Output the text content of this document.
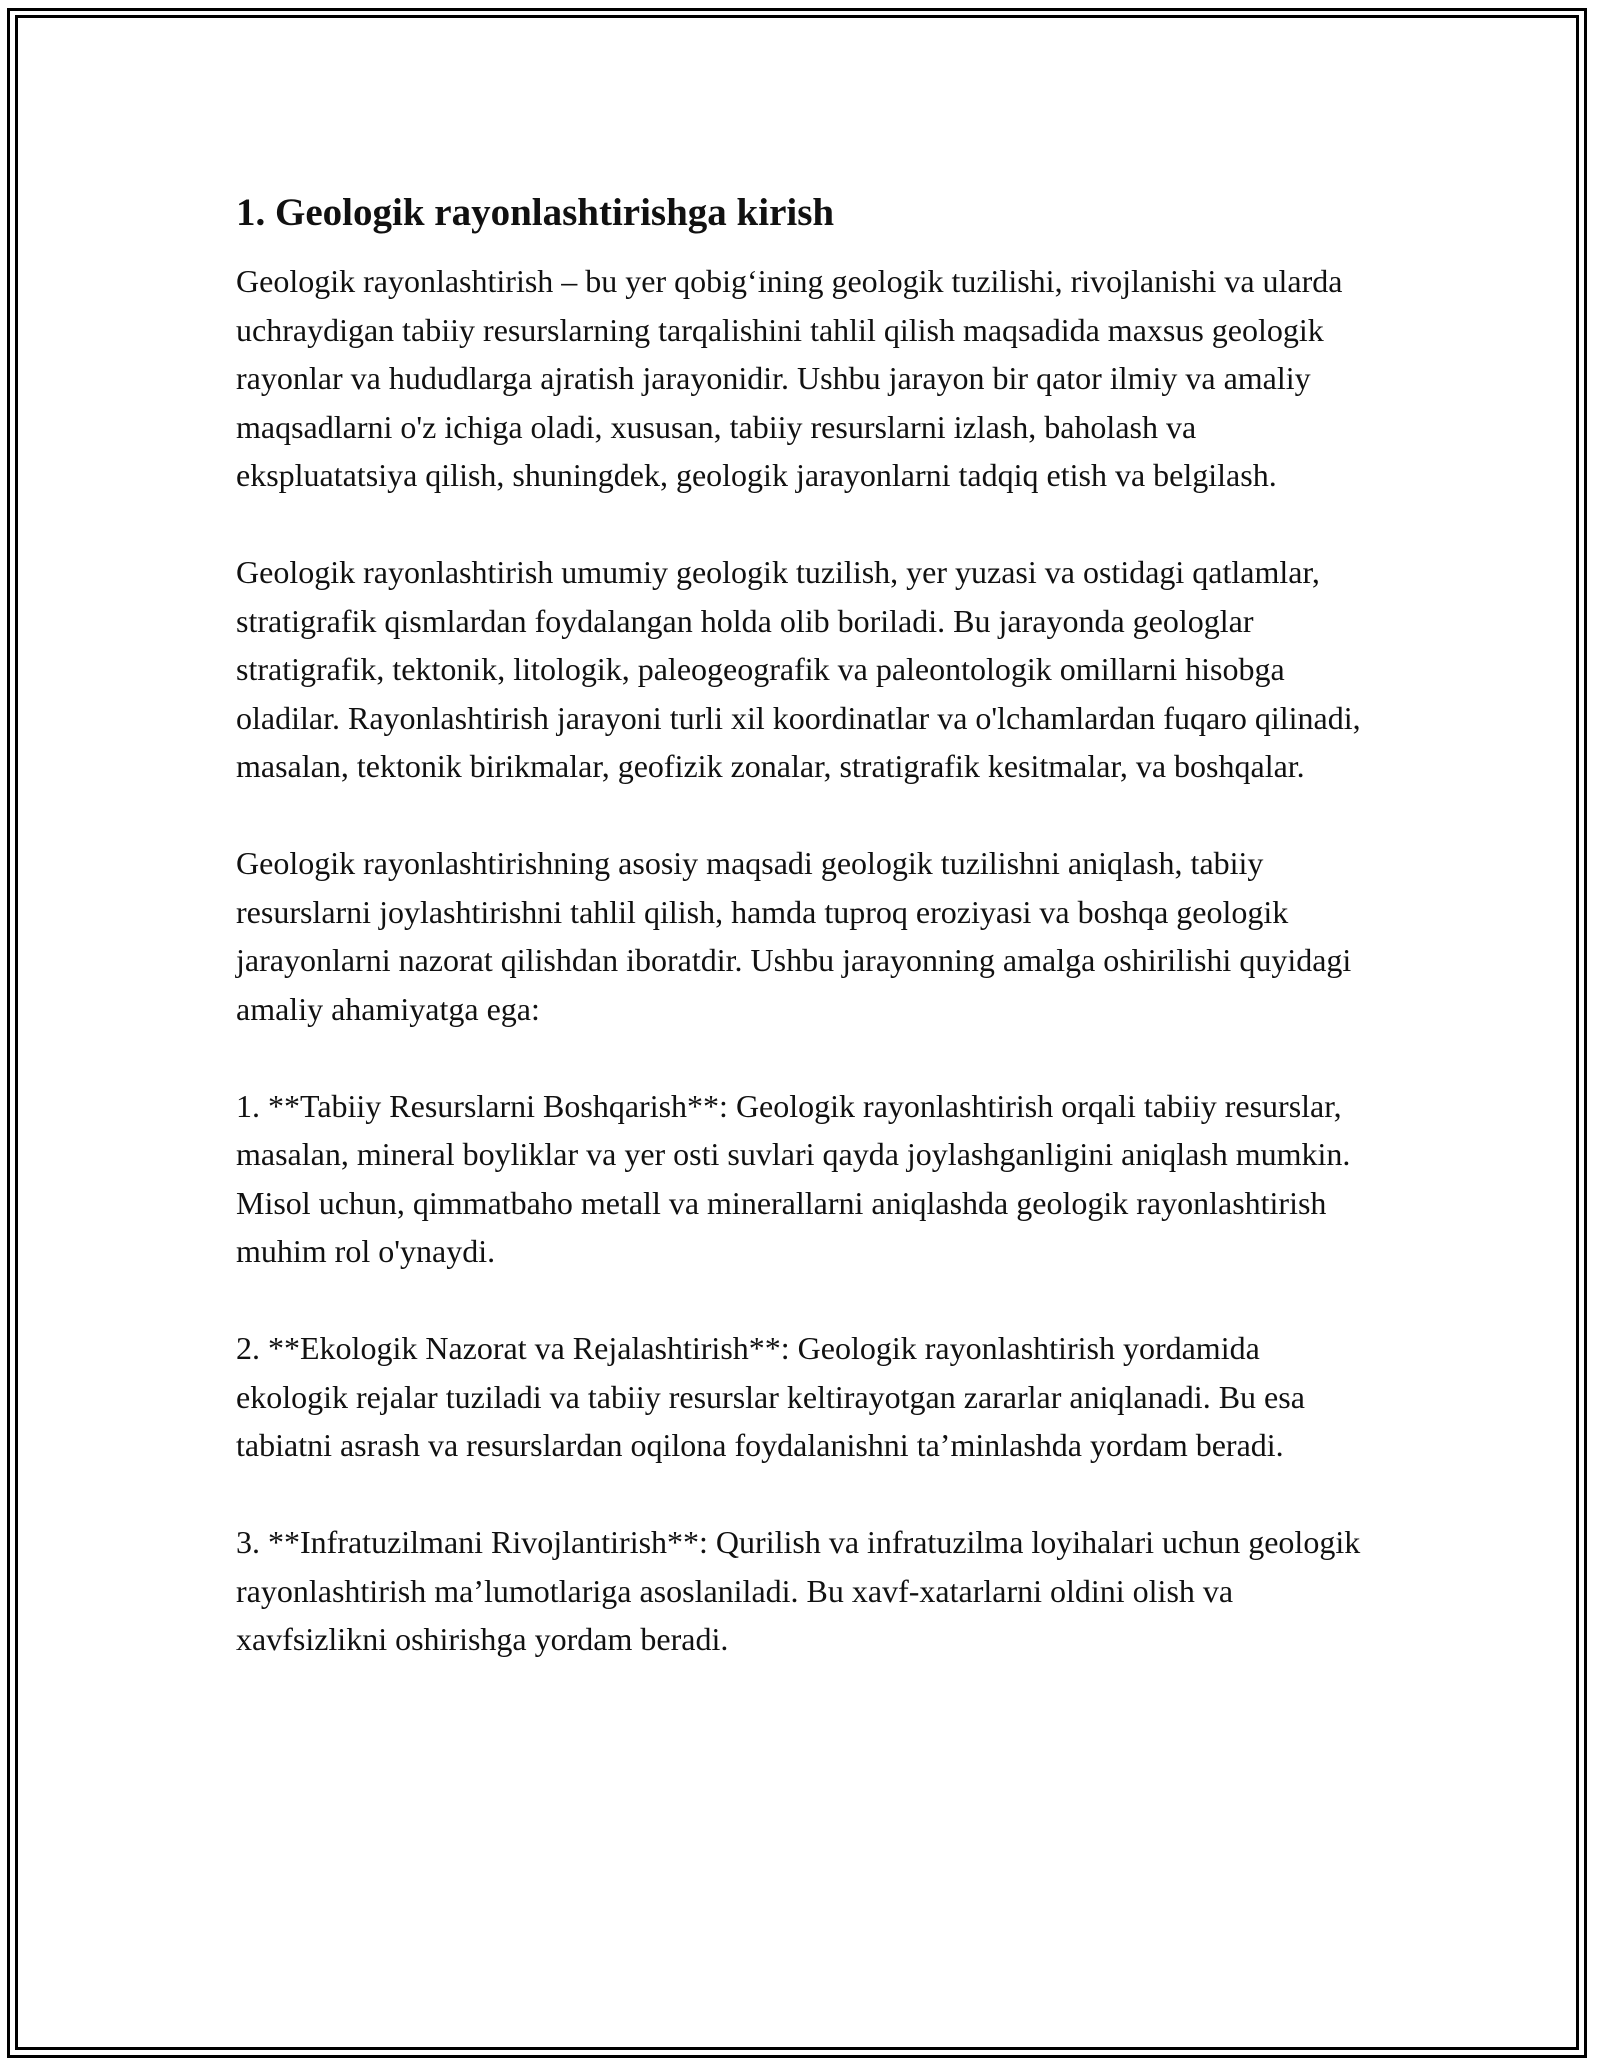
1. Geologik rayonlashtirishga kirish

Geologik rayonlashtirish – bu yer qobig‘ining geologik tuzilishi, rivojlanishi va ularda uchraydigan tabiiy resurslarning tarqalishini tahlil qilish maqsadida maxsus geologik rayonlar va hududlarga ajratish jarayonidir. Ushbu jarayon bir qator ilmiy va amaliy maqsadlarni o'z ichiga oladi, xususan, tabiiy resurslarni izlash, baholash va ekspluatatsiya qilish, shuningdek, geologik jarayonlarni tadqiq etish va belgilash.

Geologik rayonlashtirish umumiy geologik tuzilish, yer yuzasi va ostidagi qatlamlar, stratigrafik qismlardan foydalangan holda olib boriladi. Bu jarayonda geologlar stratigrafik, tektonik, litologik, paleogeografik va paleontologik omillarni hisobga oladilar. Rayonlashtirish jarayoni turli xil koordinatlar va o'lchamlardan fuqaro qilinadi, masalan, tektonik birikmalar, geofizik zonalar, stratigrafik kesitmalar, va boshqalar.

Geologik rayonlashtirishning asosiy maqsadi geologik tuzilishni aniqlash, tabiiy resurslarni joylashtirishni tahlil qilish, hamda tuproq eroziyasi va boshqa geologik jarayonlarni nazorat qilishdan iboratdir. Ushbu jarayonning amalga oshirilishi quyidagi amaliy ahamiyatga ega:

1. **Tabiiy Resurslarni Boshqarish**: Geologik rayonlashtirish orqali tabiiy resurslar, masalan, mineral boyliklar va yer osti suvlari qayda joylashganligini aniqlash mumkin. Misol uchun, qimmatbaho metall va minerallarni aniqlashda geologik rayonlashtirish muhim rol o'ynaydi.

2. **Ekologik Nazorat va Rejalashtirish**: Geologik rayonlashtirish yordamida ekologik rejalar tuziladi va tabiiy resurslar keltirayotgan zararlar aniqlanadi. Bu esa tabiatni asrash va resurslardan oqilona foydalanishni ta’minlashda yordam beradi.

3. **Infratuzilmani Rivojlantirish**: Qurilish va infratuzilma loyihalari uchun geologik rayonlashtirish ma’lumotlariga asoslaniladi. Bu xavf-xatarlarni oldini olish va xavfsizlikni oshirishga yordam beradi.
